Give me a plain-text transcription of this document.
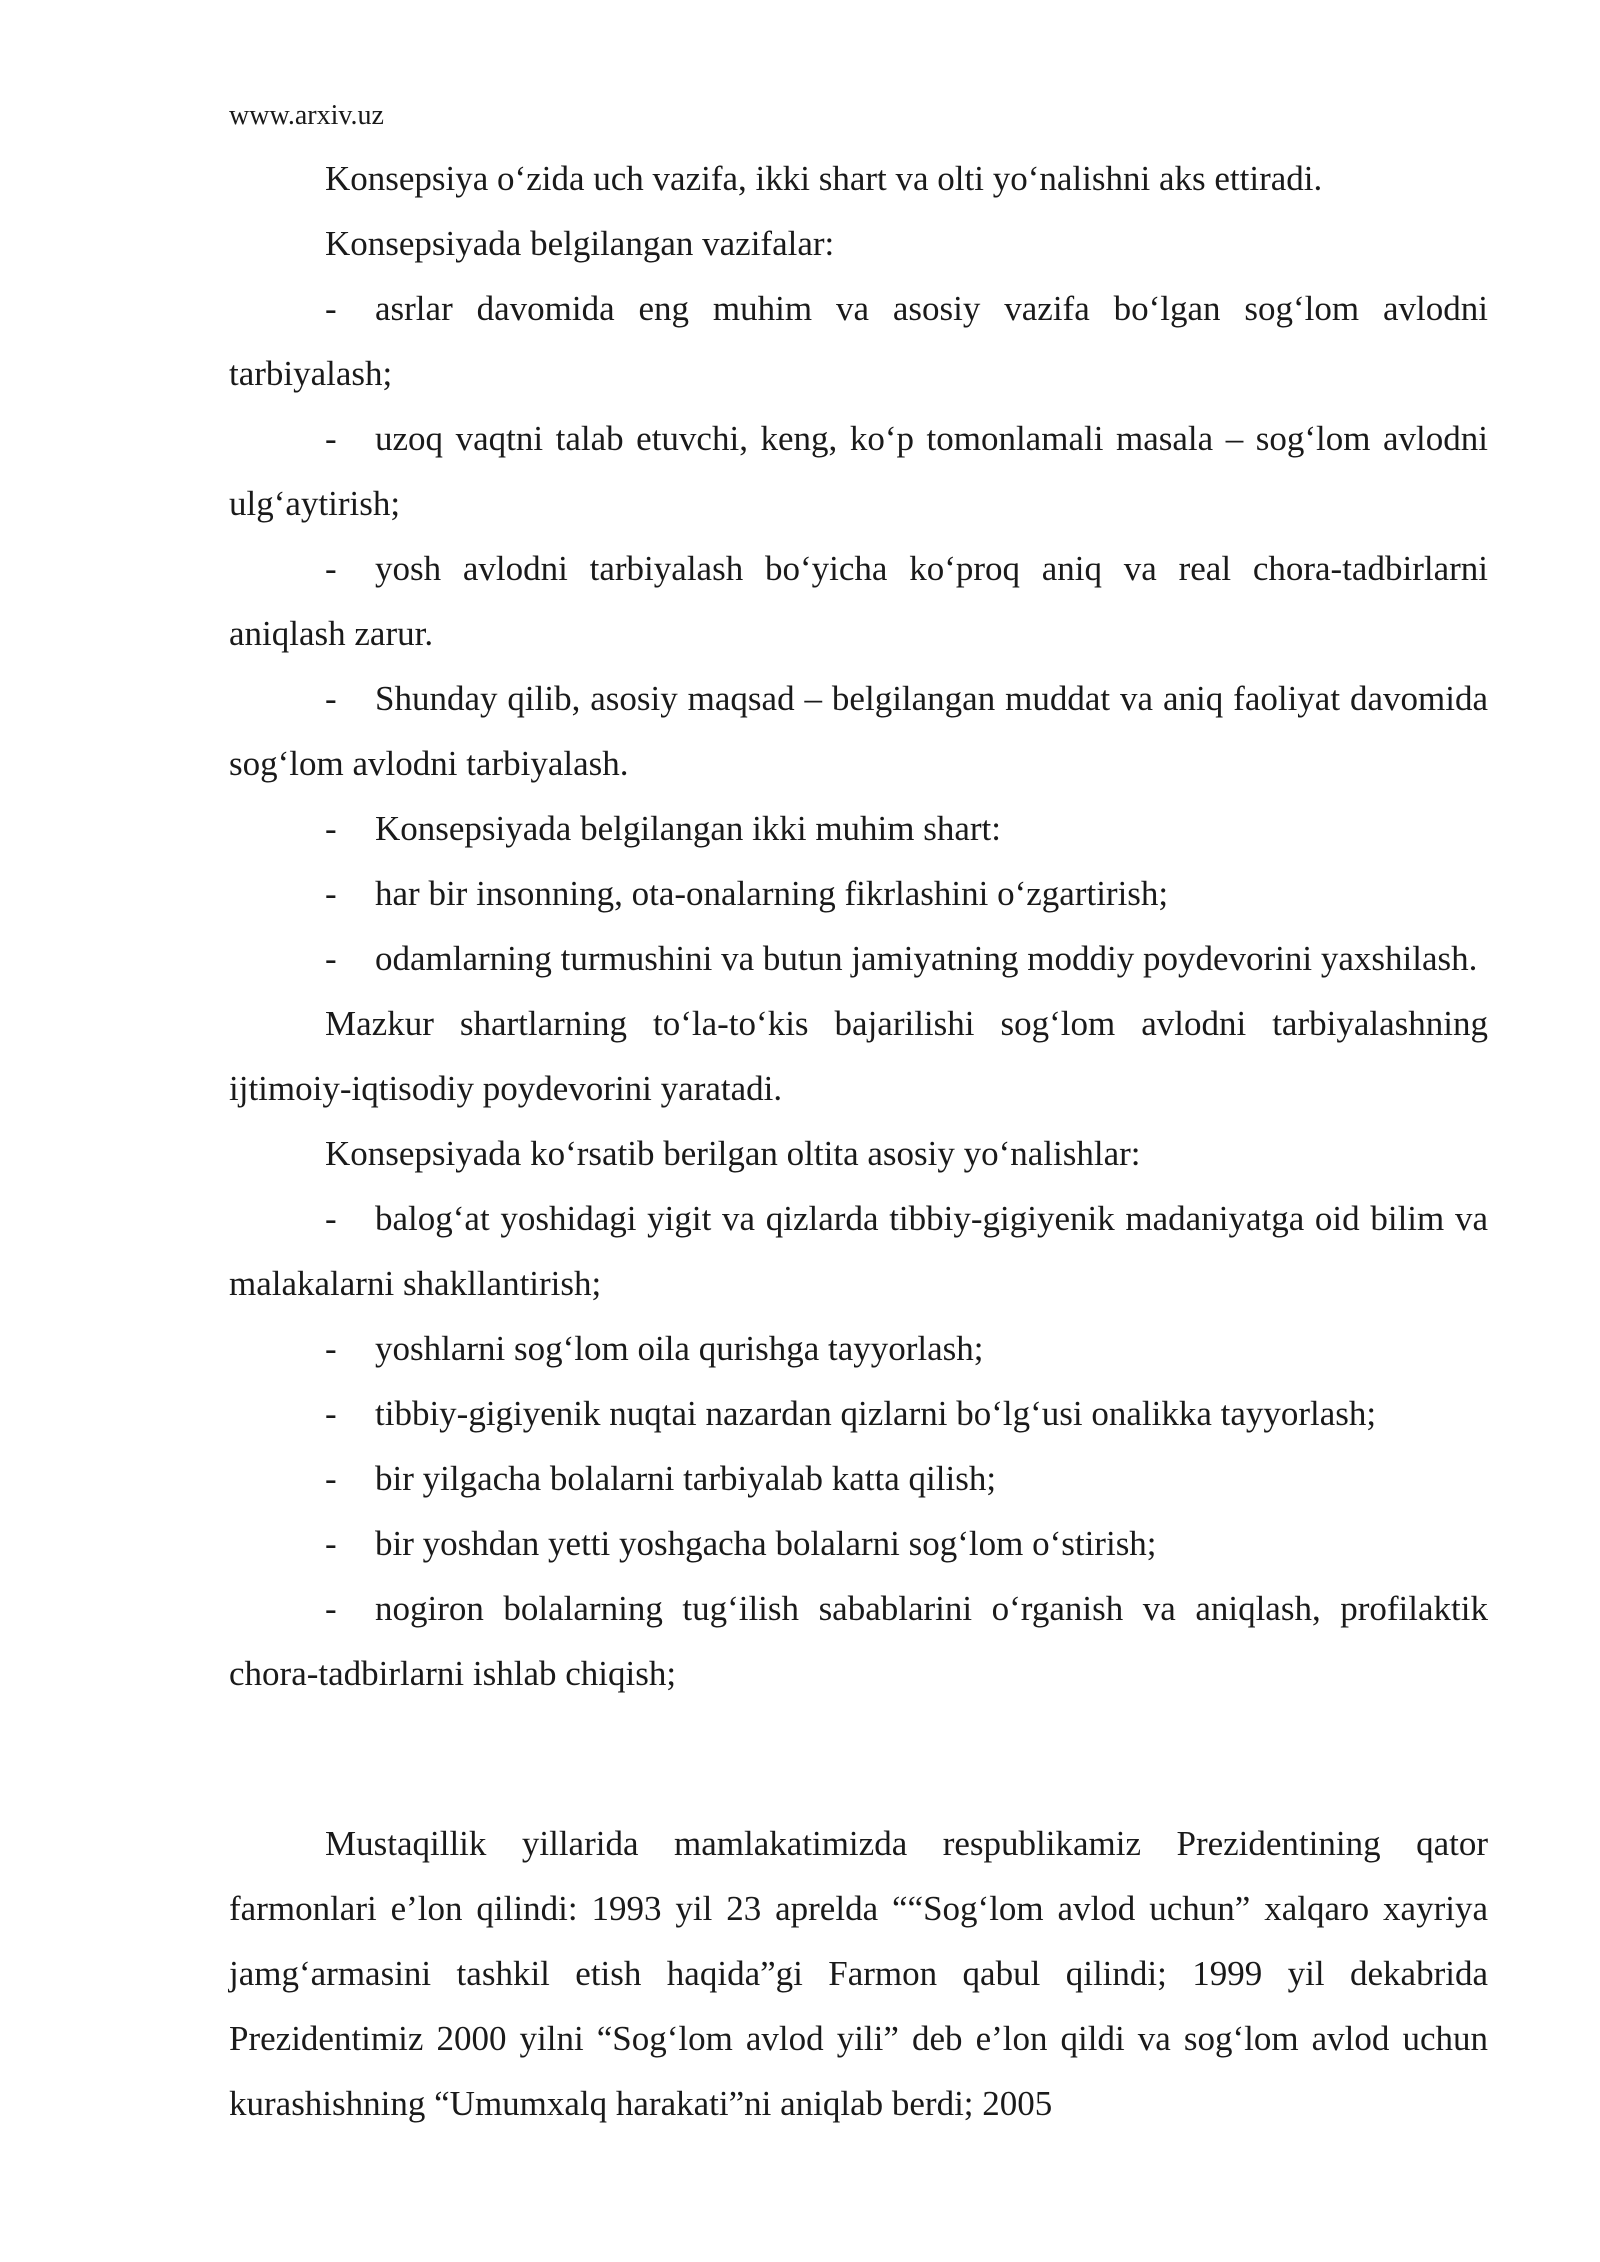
www.arxiv.uz

Konsepsiya o‘zida uch vazifa, ikki shart va olti yo‘nalishni aks ettiradi.

Konsepsiyada belgilangan vazifalar:

- asrlar davomida eng muhim va asosiy vazifa bo‘lgan sog‘lom avlodni tarbiyalash;

- uzoq vaqtni talab etuvchi, keng, ko‘p tomonlamali masala – sog‘lom avlodni ulg‘aytirish;

- yosh avlodni tarbiyalash bo‘yicha ko‘proq aniq va real chora-tadbirlarni aniqlash zarur.

- Shunday qilib, asosiy maqsad – belgilangan muddat va aniq faoliyat davomida sog‘lom avlodni tarbiyalash.

- Konsepsiyada belgilangan ikki muhim shart:

- har bir insonning, ota-onalarning fikrlashini o‘zgartirish;

- odamlarning turmushini va butun jamiyatning moddiy poydevorini yaxshilash.

Mazkur shartlarning to‘la-to‘kis bajarilishi sog‘lom avlodni tarbiyalashning ijtimoiy-iqtisodiy poydevorini yaratadi.

Konsepsiyada ko‘rsatib berilgan oltita asosiy yo‘nalishlar:

- balog‘at yoshidagi yigit va qizlarda tibbiy-gigiyenik madaniyatga oid bilim va malakalarni shakllantirish;

- yoshlarni sog‘lom oila qurishga tayyorlash;

- tibbiy-gigiyenik nuqtai nazardan qizlarni bo‘lg‘usi onalikka tayyorlash;

- bir yilgacha bolalarni tarbiyalab katta qilish;

- bir yoshdan yetti yoshgacha bolalarni sog‘lom o‘stirish;

- nogiron bolalarning tug‘ilish sabablarini o‘rganish va aniqlash, profilaktik chora-tadbirlarni ishlab chiqish;

Mustaqillik yillarida mamlakatimizda respublikamiz Prezidentining qator farmonlari e’lon qilindi: 1993 yil 23 aprelda ““Sog‘lom avlod uchun” xalqaro xayriya jamg‘armasini tashkil etish haqida”gi Farmon qabul qilindi; 1999 yil dekabrida Prezidentimiz 2000 yilni “Sog‘lom avlod yili” deb e’lon qildi va sog‘lom avlod uchun kurashishning “Umumxalq harakati”ni aniqlab berdi; 2005
